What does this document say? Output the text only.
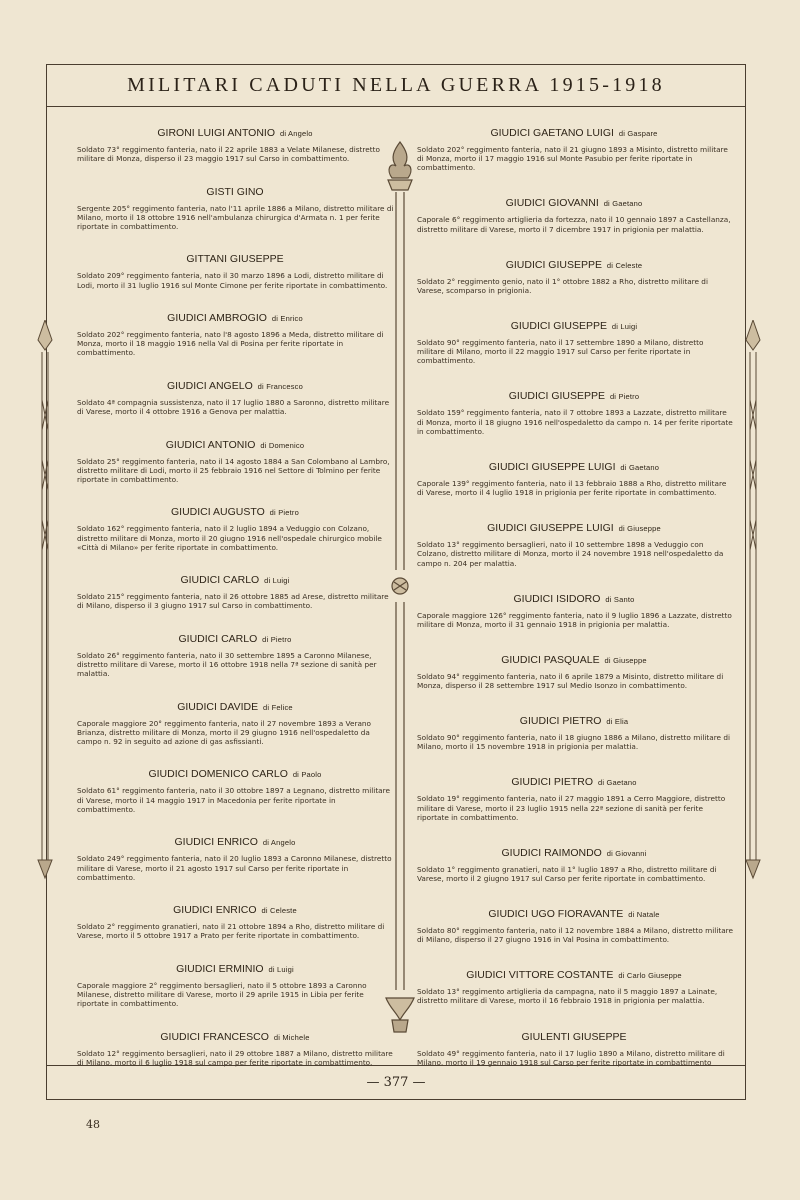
MILITARI CADUTI NELLA GUERRA 1915-1918
GIRONI LUIGI ANTONIO di Angelo
Soldato 73° reggimento fanteria, nato il 22 aprile 1883 a Velate Milanese, distretto militare di Monza, disperso il 23 maggio 1917 sul Carso in combattimento.
GISTI GINO
Sergente 205° reggimento fanteria, nato l'11 aprile 1886 a Milano, distretto militare di Milano, morto il 18 ottobre 1916 nell'ambulanza chirurgica d'Armata n. 1 per ferite riportate in combattimento.
GITTANI GIUSEPPE
Soldato 209° reggimento fanteria, nato il 30 marzo 1896 a Lodi, distretto militare di Lodi, morto il 31 luglio 1916 sul Monte Cimone per ferite riportate in combattimento.
GIUDICI AMBROGIO di Enrico
Soldato 202° reggimento fanteria, nato l'8 agosto 1896 a Meda, distretto militare di Monza, morto il 18 maggio 1916 nella Val di Posina per ferite riportate in combattimento.
GIUDICI ANGELO di Francesco
Soldato 4ª compagnia sussistenza, nato il 17 luglio 1880 a Saronno, distretto militare di Varese, morto il 4 ottobre 1916 a Genova per malattia.
GIUDICI ANTONIO di Domenico
Soldato 25° reggimento fanteria, nato il 14 agosto 1884 a San Colombano al Lambro, distretto militare di Lodi, morto il 25 febbraio 1916 nel Settore di Tolmino per ferite riportate in combattimento.
GIUDICI AUGUSTO di Pietro
Soldato 162° reggimento fanteria, nato il 2 luglio 1894 a Veduggio con Colzano, distretto militare di Monza, morto il 20 giugno 1916 nell'ospedale chirurgico mobile «Città di Milano» per ferite riportate in combattimento.
GIUDICI CARLO di Luigi
Soldato 215° reggimento fanteria, nato il 26 ottobre 1885 ad Arese, distretto militare di Milano, disperso il 3 giugno 1917 sul Carso in combattimento.
GIUDICI CARLO di Pietro
Soldato 26° reggimento fanteria, nato il 30 settembre 1895 a Caronno Milanese, distretto militare di Varese, morto il 16 ottobre 1918 nella 7ª sezione di sanità per malattia.
GIUDICI DAVIDE di Felice
Caporale maggiore 20° reggimento fanteria, nato il 27 novembre 1893 a Verano Brianza, distretto militare di Monza, morto il 29 giugno 1916 nell'ospedaletto da campo n. 92 in seguito ad azione di gas asfissianti.
GIUDICI DOMENICO CARLO di Paolo
Soldato 61° reggimento fanteria, nato il 30 ottobre 1897 a Legnano, distretto militare di Varese, morto il 14 maggio 1917 in Macedonia per ferite riportate in combattimento.
GIUDICI ENRICO di Angelo
Soldato 249° reggimento fanteria, nato il 20 luglio 1893 a Caronno Milanese, distretto militare di Varese, morto il 21 agosto 1917 sul Carso per ferite riportate in combattimento.
GIUDICI ENRICO di Celeste
Soldato 2° reggimento granatieri, nato il 21 ottobre 1894 a Rho, distretto militare di Varese, morto il 5 ottobre 1917 a Prato per ferite riportate in combattimento.
GIUDICI ERMINIO di Luigi
Caporale maggiore 2° reggimento bersaglieri, nato il 5 ottobre 1893 a Caronno Milanese, distretto militare di Varese, morto il 29 aprile 1915 in Libia per ferite riportate in combattimento.
GIUDICI FRANCESCO di Michele
Soldato 12° reggimento bersaglieri, nato il 29 ottobre 1887 a Milano, distretto militare di Milano, morto il 6 luglio 1918 sul campo per ferite riportate in combattimento.
GIUDICI GAETANO LUIGI di Gaspare
Soldato 202° reggimento fanteria, nato il 21 giugno 1893 a Misinto, distretto militare di Monza, morto il 17 maggio 1916 sul Monte Pasubio per ferite riportate in combattimento.
GIUDICI GIOVANNI di Gaetano
Caporale 6° reggimento artiglieria da fortezza, nato il 10 gennaio 1897 a Castellanza, distretto militare di Varese, morto il 7 dicembre 1917 in prigionia per malattia.
GIUDICI GIUSEPPE di Celeste
Soldato 2° reggimento genio, nato il 1° ottobre 1882 a Rho, distretto militare di Varese, scomparso in prigionia.
GIUDICI GIUSEPPE di Luigi
Soldato 90° reggimento fanteria, nato il 17 settembre 1890 a Milano, distretto militare di Milano, morto il 22 maggio 1917 sul Carso per ferite riportate in combattimento.
GIUDICI GIUSEPPE di Pietro
Soldato 159° reggimento fanteria, nato il 7 ottobre 1893 a Lazzate, distretto militare di Monza, morto il 18 giugno 1916 nell'ospedaletto da campo n. 14 per ferite riportate in combattimento.
GIUDICI GIUSEPPE LUIGI di Gaetano
Caporale 139° reggimento fanteria, nato il 13 febbraio 1888 a Rho, distretto militare di Varese, morto il 4 luglio 1918 in prigionia per ferite riportate in combattimento.
GIUDICI GIUSEPPE LUIGI di Giuseppe
Soldato 13° reggimento bersaglieri, nato il 10 settembre 1898 a Veduggio con Colzano, distretto militare di Monza, morto il 24 novembre 1918 nell'ospedaletto da campo n. 204 per malattia.
GIUDICI ISIDORO di Santo
Caporale maggiore 126° reggimento fanteria, nato il 9 luglio 1896 a Lazzate, distretto militare di Monza, morto il 31 gennaio 1918 in prigionia per malattia.
GIUDICI PASQUALE di Giuseppe
Soldato 94° reggimento fanteria, nato il 6 aprile 1879 a Misinto, distretto militare di Monza, disperso il 28 settembre 1917 sul Medio Isonzo in combattimento.
GIUDICI PIETRO di Elia
Soldato 90° reggimento fanteria, nato il 18 giugno 1886 a Milano, distretto militare di Milano, morto il 15 novembre 1918 in prigionia per malattia.
GIUDICI PIETRO di Gaetano
Soldato 19° reggimento fanteria, nato il 27 maggio 1891 a Cerro Maggiore, distretto militare di Varese, morto il 23 luglio 1915 nella 22ª sezione di sanità per ferite riportate in combattimento.
GIUDICI RAIMONDO di Giovanni
Soldato 1° reggimento granatieri, nato il 1° luglio 1897 a Rho, distretto militare di Varese, morto il 2 giugno 1917 sul Carso per ferite riportate in combattimento.
GIUDICI UGO FIORAVANTE di Natale
Soldato 80° reggimento fanteria, nato il 12 novembre 1884 a Milano, distretto militare di Milano, disperso il 27 giugno 1916 in Val Posina in combattimento.
GIUDICI VITTORE COSTANTE di Carlo Giuseppe
Soldato 13° reggimento artiglieria da campagna, nato il 5 maggio 1897 a Lainate, distretto militare di Varese, morto il 16 febbraio 1918 in prigionia per malattia.
GIULENTI GIUSEPPE
Soldato 49° reggimento fanteria, nato il 17 luglio 1890 a Milano, distretto militare di Milano, morto il 19 gennaio 1918 sul Carso per ferite riportate in combattimento
— 377 —
48
